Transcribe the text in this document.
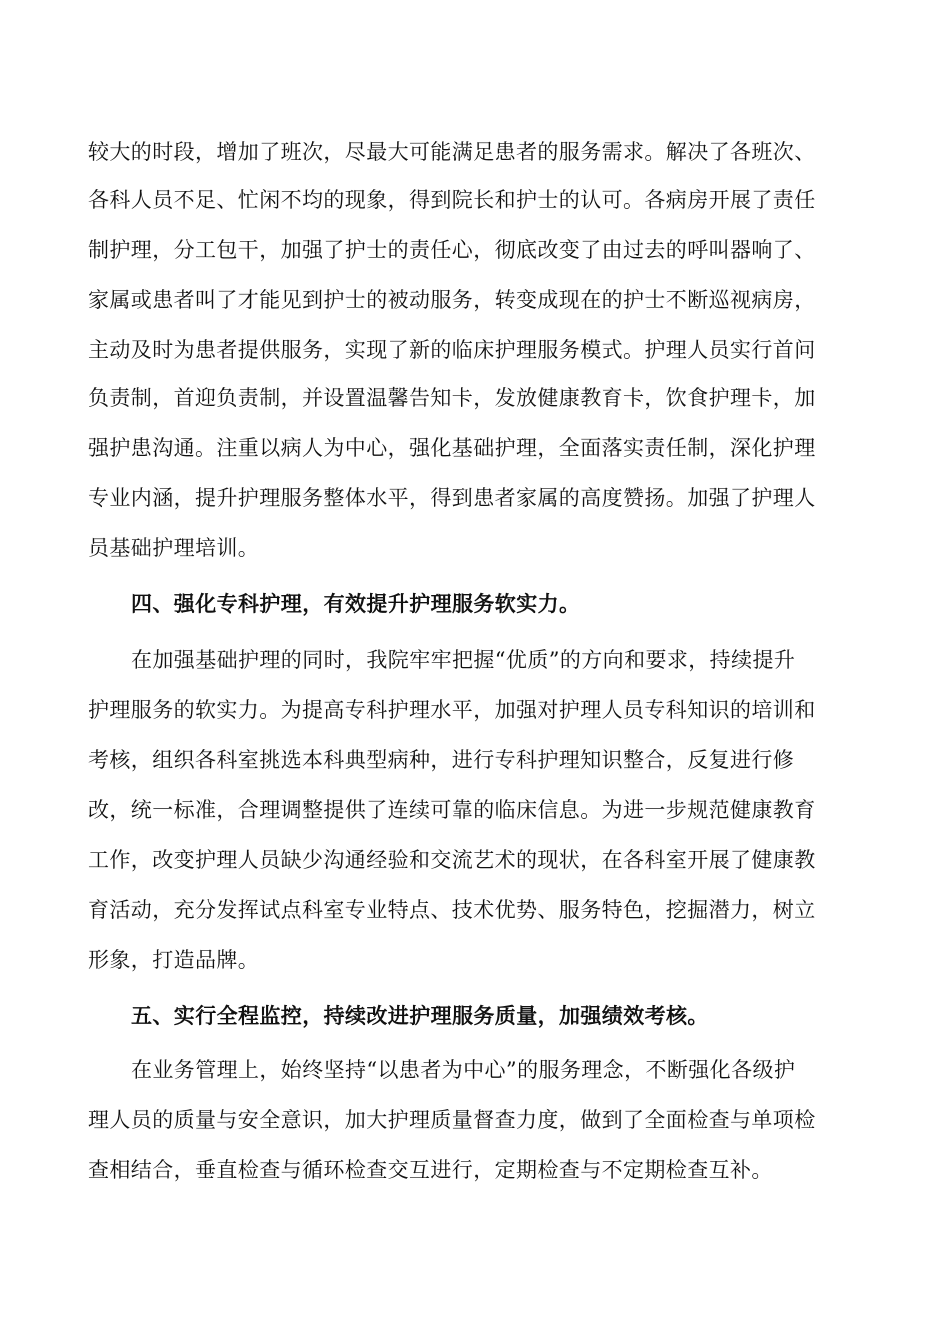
较大的时段，增加了班次，尽最大可能满足患者的服务需求。解决了各班次、
各科人员不足、忙闲不均的现象，得到院长和护士的认可。各病房开展了责任
制护理，分工包干，加强了护士的责任心，彻底改变了由过去的呼叫器响了、
家属或患者叫了才能见到护士的被动服务，转变成现在的护士不断巡视病房，
主动及时为患者提供服务，实现了新的临床护理服务模式。护理人员实行首问
负责制，首迎负责制，并设置温馨告知卡，发放健康教育卡，饮食护理卡，加
强护患沟通。注重以病人为中心，强化基础护理，全面落实责任制，深化护理
专业内涵，提升护理服务整体水平，得到患者家属的高度赞扬。加强了护理人
员基础护理培训。
四、强化专科护理，有效提升护理服务软实力。
在加强基础护理的同时，我院牢牢把握“优质”的方向和要求，持续提升
护理服务的软实力。为提高专科护理水平，加强对护理人员专科知识的培训和
考核，组织各科室挑选本科典型病种，进行专科护理知识整合，反复进行修
改，统一标准，合理调整提供了连续可靠的临床信息。为进一步规范健康教育
工作，改变护理人员缺少沟通经验和交流艺术的现状，在各科室开展了健康教
育活动，充分发挥试点科室专业特点、技术优势、服务特色，挖掘潜力，树立
形象，打造品牌。
五、实行全程监控，持续改进护理服务质量，加强绩效考核。
在业务管理上，始终坚持“以患者为中心”的服务理念，不断强化各级护
理人员的质量与安全意识，加大护理质量督查力度，做到了全面检查与单项检
查相结合，垂直检查与循环检查交互进行，定期检查与不定期检查互补。
